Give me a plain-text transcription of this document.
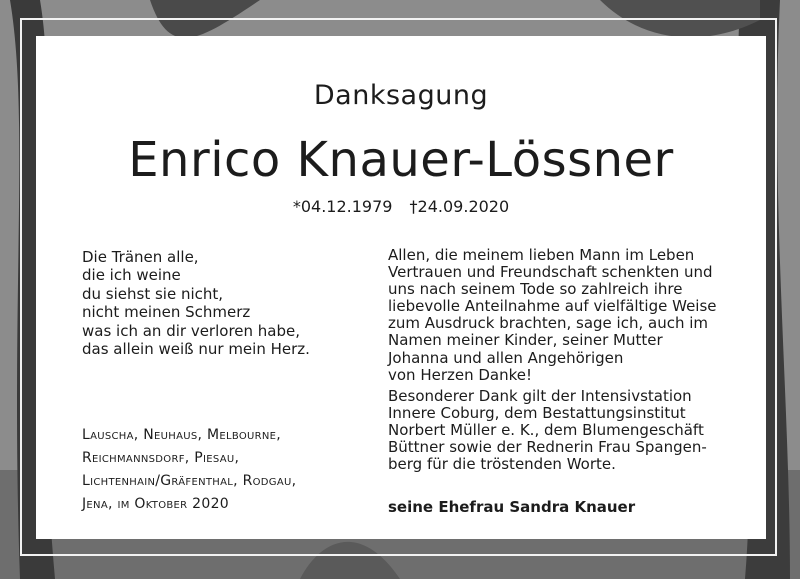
Danksagung
Enrico Knauer-Lössner
*04.12.1979 †24.09.2020
Die Tränen alle,
die ich weine
du siehst sie nicht,
nicht meinen Schmerz
was ich an dir verloren habe,
das allein weiß nur mein Herz.
Lauscha, Neuhaus, Melbourne,
Reichmannsdorf, Piesau,
Lichtenhain/Gräfenthal, Rodgau,
Jena, im Oktober 2020
Allen, die meinem lieben Mann im Leben
Vertrauen und Freundschaft schenkten und
uns nach seinem Tode so zahlreich ihre
liebevolle Anteilnahme auf vielfältige Weise
zum Ausdruck brachten, sage ich, auch im
Namen meiner Kinder, seiner Mutter
Johanna und allen Angehörigen
von Herzen Danke!
Besonderer Dank gilt der Intensivstation
Innere Coburg, dem Bestattungsinstitut
Norbert Müller e. K., dem Blumengeschäft
Büttner sowie der Rednerin Frau Spangen-
berg für die tröstenden Worte.
seine Ehefrau Sandra Knauer
